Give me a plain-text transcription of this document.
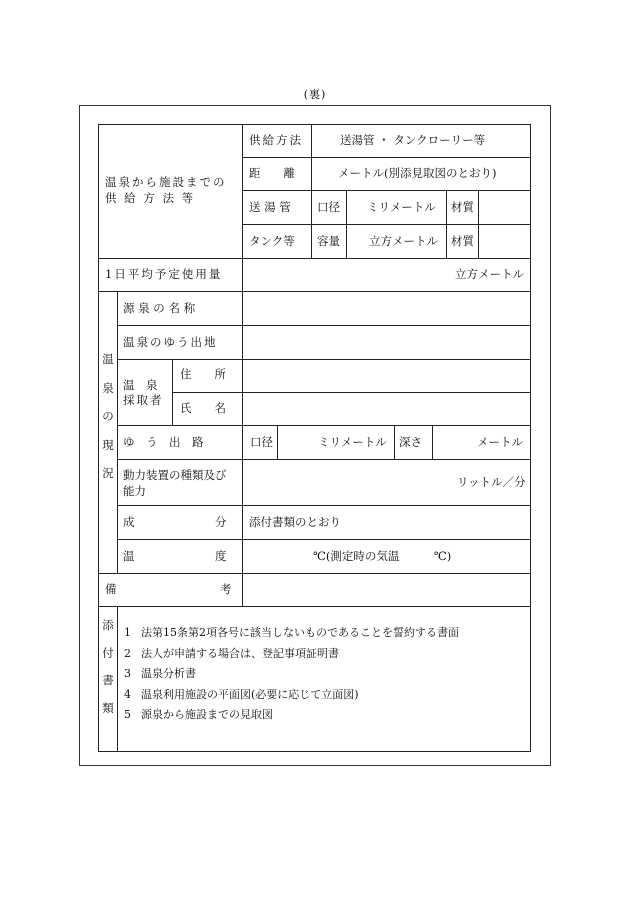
(裏)
温泉から施設までの
供 給 方 法 等
供給方法	送湯管 ・ タンクローリー等
距　　離	メートル(別添見取図のとおり)
送 湯 管 口径 ミリメートル 材質
タンク等 容量	立方メートル 材質
1日平均予定使用量	立方メートル
温
泉
の
現
況
源 泉 の 名 称
温泉のゆう出地
温　泉
採取者
住　　所
氏　　名
ゆ　う　出　路	口径	ミリメートル 深さ	メートル
動力装置の種類及び
能力
リットル／分
成　　　　　　　分 添付書類のとおり
温　　　　　　　度	℃(測定時の気温　　　℃)
備　　　　　　　　　考
添
付
書
類
1 法第15条第2項各号に該当しないものであることを誓約する書面
2 法人が申請する場合は、登記事項証明書
3 温泉分析書
4 温泉利用施設の平面図(必要に応じて立面図)
5 源泉から施設までの見取図
